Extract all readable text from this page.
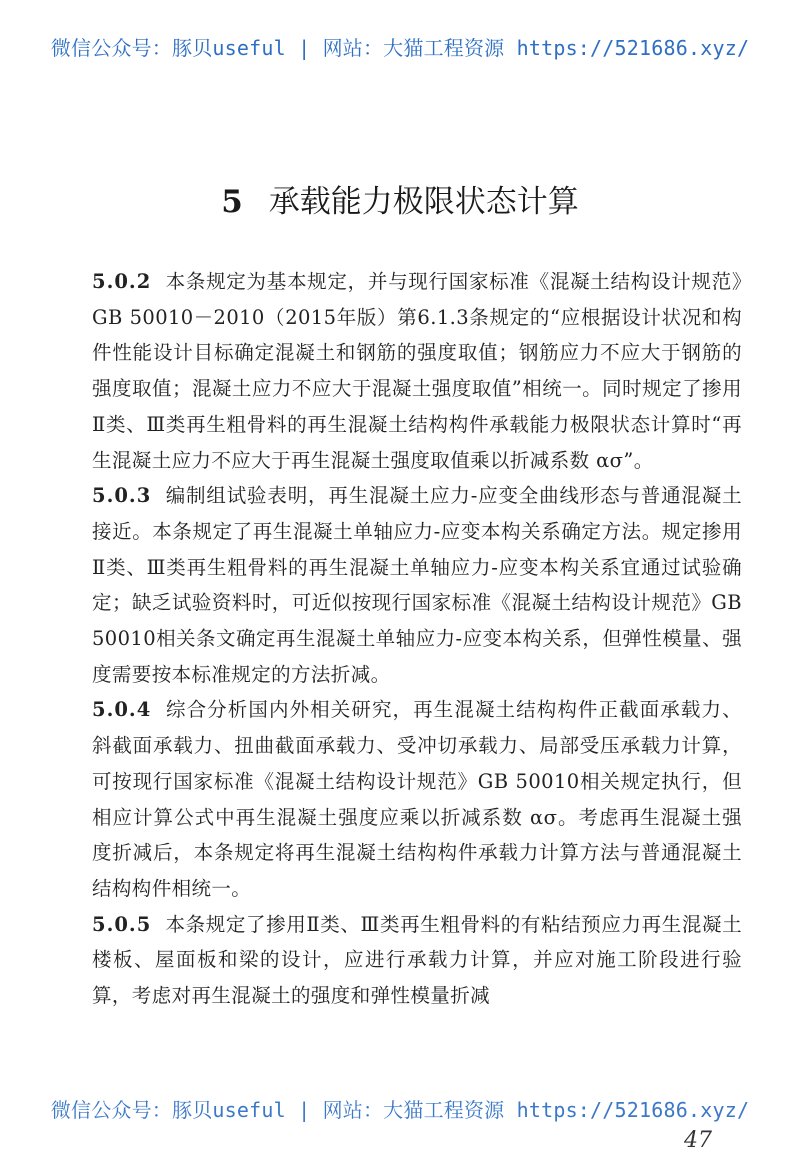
微信公众号：豚贝useful | 网站：大猫工程资源 https://521686.xyz/
5 承载能力极限状态计算

5.0.2 本条规定为基本规定，并与现行国家标准《混凝土结构设计规范》GB 50010－2010（2015年版）第6.1.3条规定的“应根据设计状况和构件性能设计目标确定混凝土和钢筋的强度取值；钢筋应力不应大于钢筋的强度取值；混凝土应力不应大于混凝土强度取值”相统一。同时规定了掺用Ⅱ类、Ⅲ类再生粗骨料的再生混凝土结构构件承载能力极限状态计算时“再生混凝土应力不应大于再生混凝土强度取值乘以折减系数 ασ”。

5.0.3 编制组试验表明，再生混凝土应力-应变全曲线形态与普通混凝土接近。本条规定了再生混凝土单轴应力-应变本构关系确定方法。规定掺用Ⅱ类、Ⅲ类再生粗骨料的再生混凝土单轴应力-应变本构关系宜通过试验确定；缺乏试验资料时，可近似按现行国家标准《混凝土结构设计规范》GB 50010相关条文确定再生混凝土单轴应力-应变本构关系，但弹性模量、强度需要按本标准规定的方法折减。

5.0.4 综合分析国内外相关研究，再生混凝土结构构件正截面承载力、斜截面承载力、扭曲截面承载力、受冲切承载力、局部受压承载力计算，可按现行国家标准《混凝土结构设计规范》GB 50010相关规定执行，但相应计算公式中再生混凝土强度应乘以折减系数 ασ。考虑再生混凝土强度折减后，本条规定将再生混凝土结构构件承载力计算方法与普通混凝土结构构件相统一。

5.0.5 本条规定了掺用Ⅱ类、Ⅲ类再生粗骨料的有粘结预应力再生混凝土楼板、屋面板和梁的设计，应进行承载力计算，并应对施工阶段进行验算，考虑对再生混凝土的强度和弹性模量折减

微信公众号：豚贝useful | 网站：大猫工程资源 https://521686.xyz/
47
